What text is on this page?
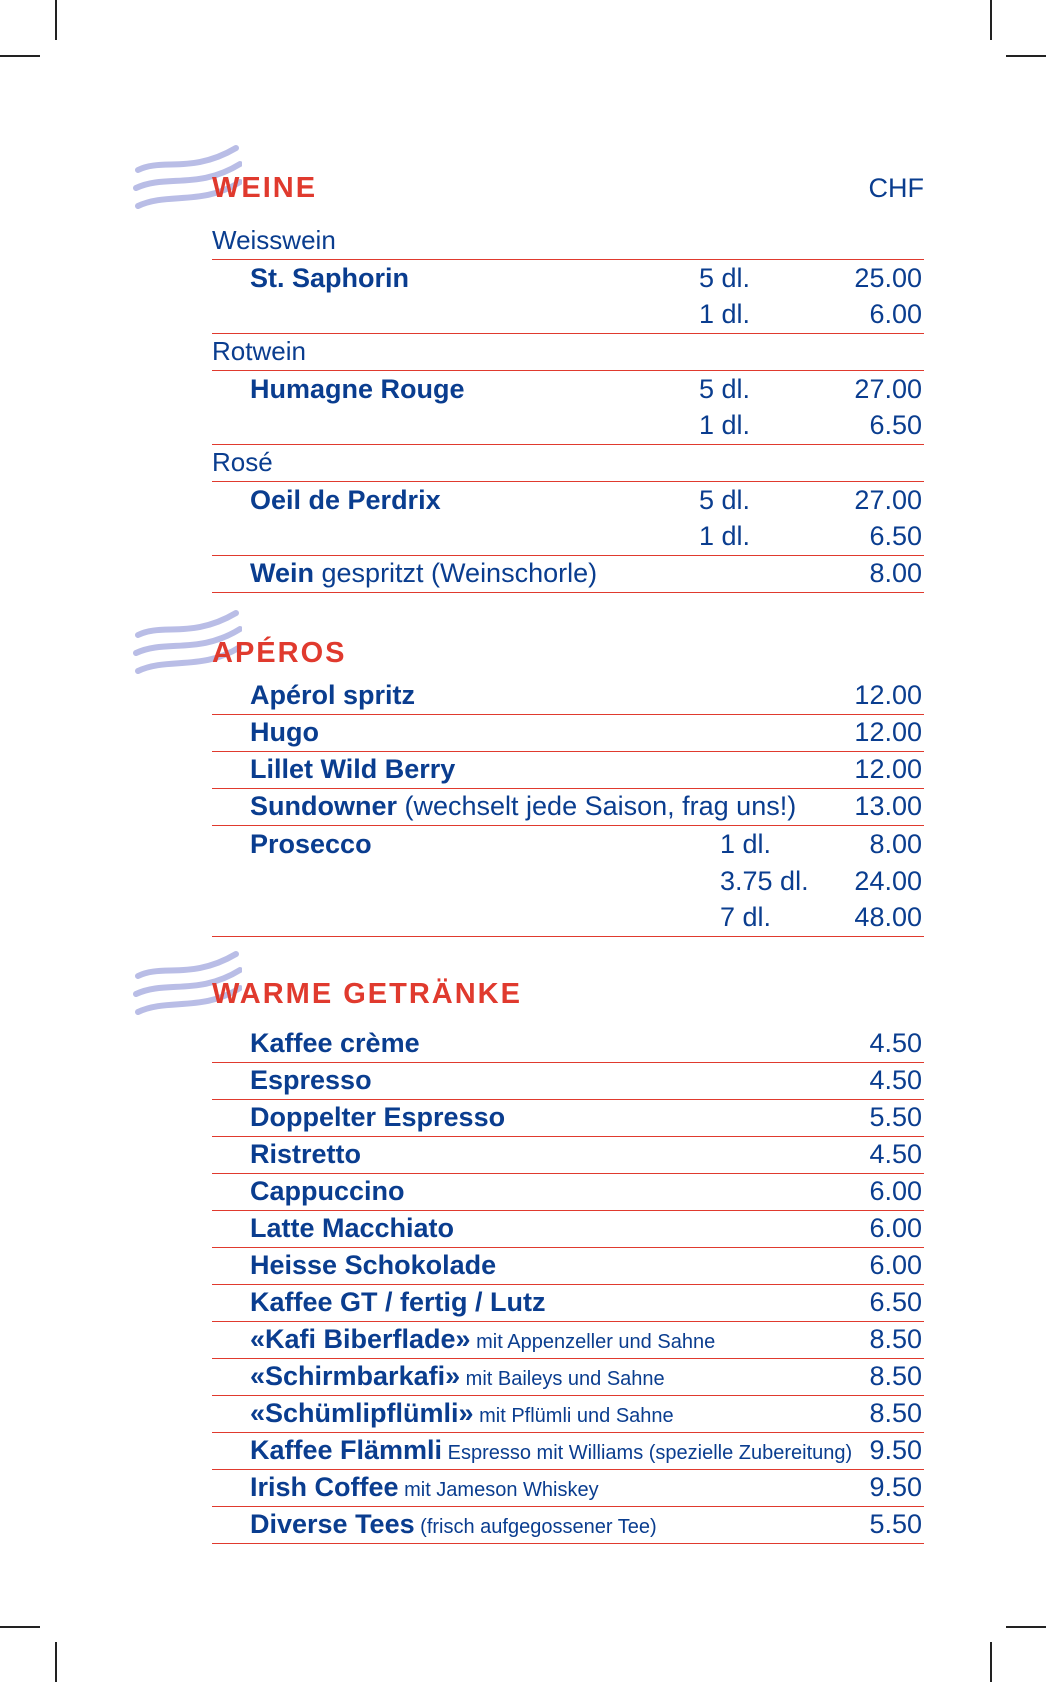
WEINE	CHF
Weisswein
St. Saphorin	5 dl.	25.00
1 dl.	6.00
Rotwein
Humagne Rouge	5 dl.	27.00
1 dl.	6.50
Rosé
Oeil de Perdrix	5 dl.	27.00
1 dl.	6.50
Wein gespritzt (Weinschorle)	8.00
APÉROS
Apérol spritz	12.00
Hugo	12.00
Lillet Wild Berry	12.00
Sundowner (wechselt jede Saison, frag uns!) 13.00
Prosecco	1 dl.	8.00
3.75 dl. 24.00
7 dl.	48.00
WARME GETRÄNKE
Kaffee crème	4.50
Espresso	4.50
Doppelter Espresso	5.50
Ristretto	4.50
Cappuccino	6.00
Latte Macchiato	6.00
Heisse Schokolade	6.00
Kaffee GT / fertig / Lutz	6.50
«Kafi Biberflade» mit Appenzeller und Sahne	8.50
«Schirmbarkafi» mit Baileys und Sahne	8.50
«Schümlipflümli» mit Pflümli und Sahne	8.50
Kaffee Flämmli Espresso mit Williams (spezielle Zubereitung) 9.50
Irish Coffee mit Jameson Whiskey	9.50
Diverse Tees (frisch aufgegossener Tee)	5.50
